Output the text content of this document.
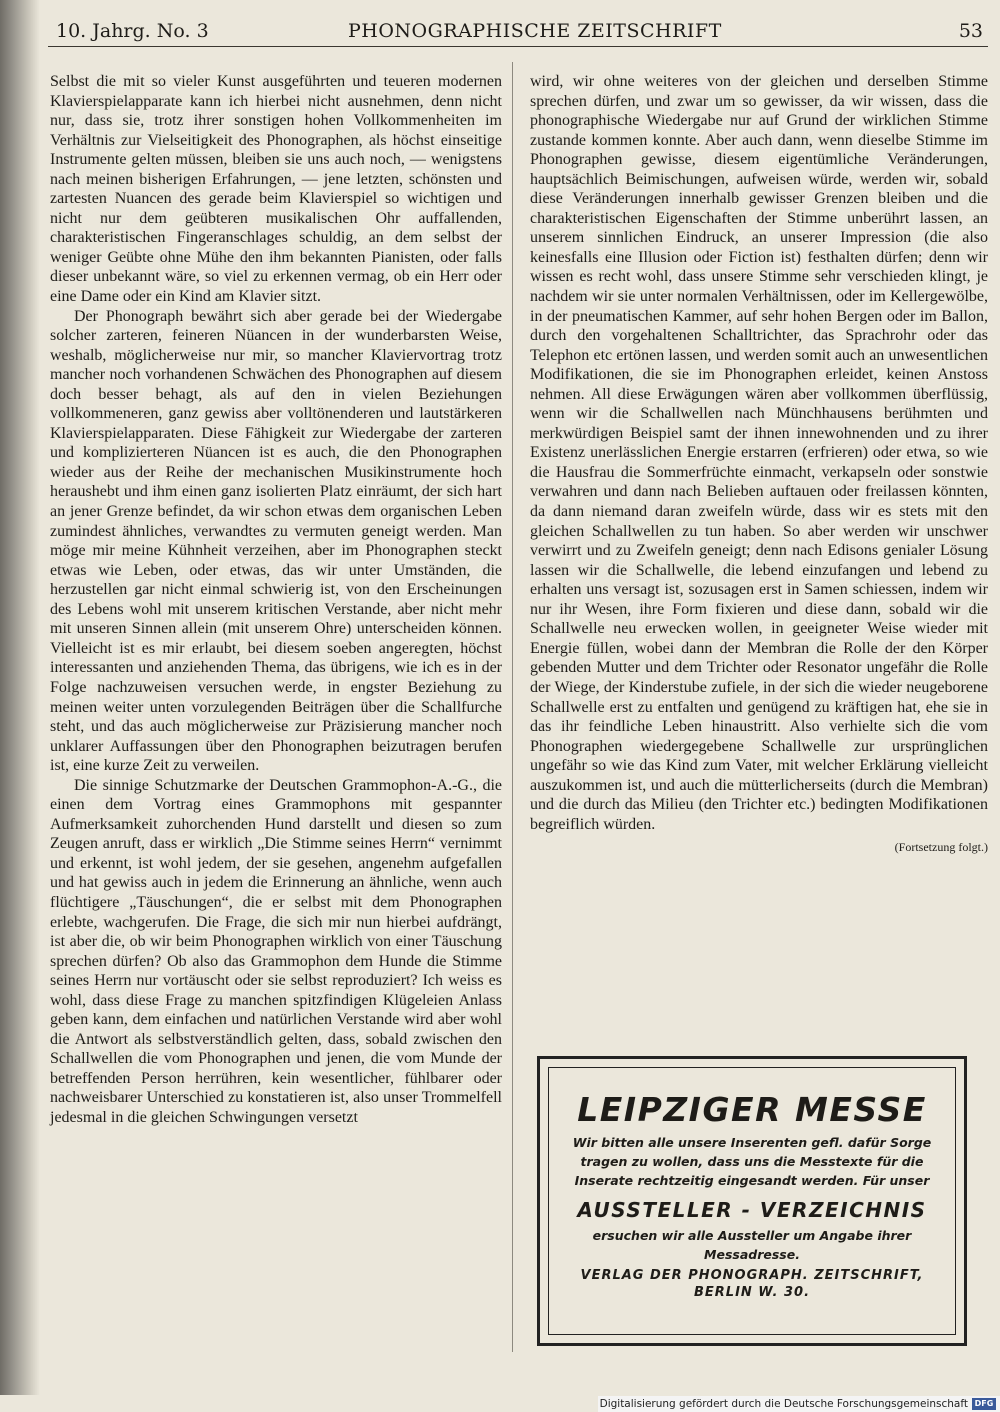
10. Jahrg. No. 3	PHONOGRAPHISCHE ZEITSCHRIFT	53

Selbst die mit so vieler Kunst ausgeführten und teueren modernen Klavierspielapparate kann ich hierbei nicht ausnehmen, denn nicht nur, dass sie, trotz ihrer sonstigen hohen Vollkommenheiten im Verhältnis zur Vielseitigkeit des Phonographen, als höchst einseitige Instrumente gelten müssen, bleiben sie uns auch noch, — wenigstens nach meinen bisherigen Erfahrungen, — jene letzten, schönsten und zartesten Nuancen des gerade beim Klavierspiel so wichtigen und nicht nur dem geübteren musikalischen Ohr auffallenden, charakteristischen Fingeranschlages schuldig, an dem selbst der weniger Geübte ohne Mühe den ihm bekannten Pianisten, oder falls dieser unbekannt wäre, so viel zu erkennen vermag, ob ein Herr oder eine Dame oder ein Kind am Klavier sitzt.

Der Phonograph bewährt sich aber gerade bei der Wiedergabe solcher zarteren, feineren Nüancen in der wunderbarsten Weise, weshalb, möglicherweise nur mir, so mancher Klaviervortrag trotz mancher noch vorhandenen Schwächen des Phonographen auf diesem doch besser behagt, als auf den in vielen Beziehungen vollkommeneren, ganz gewiss aber volltönenderen und lautstärkeren Klavierspielapparaten. Diese Fähigkeit zur Wiedergabe der zarteren und komplizierteren Nüancen ist es auch, die den Phonographen wieder aus der Reihe der mechanischen Musikinstrumente hoch heraushebt und ihm einen ganz isolierten Platz einräumt, der sich hart an jener Grenze befindet, da wir schon etwas dem organischen Leben zumindest ähnliches, verwandtes zu vermuten geneigt werden. Man möge mir meine Kühnheit verzeihen, aber im Phonographen steckt etwas wie Leben, oder etwas, das wir unter Umständen, die herzustellen gar nicht einmal schwierig ist, von den Erscheinungen des Lebens wohl mit unserem kritischen Verstande, aber nicht mehr mit unseren Sinnen allein (mit unserem Ohre) unterscheiden können. Vielleicht ist es mir erlaubt, bei diesem soeben angeregten, höchst interessanten und anziehenden Thema, das übrigens, wie ich es in der Folge nachzuweisen versuchen werde, in engster Beziehung zu meinen weiter unten vorzulegenden Beiträgen über die Schallfurche steht, und das auch möglicherweise zur Präzisierung mancher noch unklarer Auffassungen über den Phonographen beizutragen berufen ist, eine kurze Zeit zu verweilen.

Die sinnige Schutzmarke der Deutschen Grammophon-A.-G., die einen dem Vortrag eines Grammophons mit gespannter Aufmerksamkeit zuhorchenden Hund darstellt und diesen so zum Zeugen anruft, dass er wirklich „Die Stimme seines Herrn“ vernimmt und erkennt, ist wohl jedem, der sie gesehen, angenehm aufgefallen und hat gewiss auch in jedem die Erinnerung an ähnliche, wenn auch flüchtigere „Täuschungen“, die er selbst mit dem Phonographen erlebte, wachgerufen. Die Frage, die sich mir nun hierbei aufdrängt, ist aber die, ob wir beim Phonographen wirklich von einer Täuschung sprechen dürfen? Ob also das Grammophon dem Hunde die Stimme seines Herrn nur vortäuscht oder sie selbst reproduziert? Ich weiss es wohl, dass diese Frage zu manchen spitzfindigen Klügeleien Anlass geben kann, dem einfachen und natürlichen Verstande wird aber wohl die Antwort als selbstverständlich gelten, dass, sobald zwischen den Schallwellen die vom Phonographen und jenen, die vom Munde der betreffenden Person herrühren, kein wesentlicher, fühlbarer oder nachweisbarer Unterschied zu konstatieren ist, also unser Trommelfell jedesmal in die gleichen Schwingungen versetzt

wird, wir ohne weiteres von der gleichen und derselben Stimme sprechen dürfen, und zwar um so gewisser, da wir wissen, dass die phonographische Wiedergabe nur auf Grund der wirklichen Stimme zustande kommen konnte. Aber auch dann, wenn dieselbe Stimme im Phonographen gewisse, diesem eigentümliche Veränderungen, hauptsächlich Beimischungen, aufweisen würde, werden wir, sobald diese Veränderungen innerhalb gewisser Grenzen bleiben und die charakteristischen Eigenschaften der Stimme unberührt lassen, an unserem sinnlichen Eindruck, an unserer Impression (die also keinesfalls eine Illusion oder Fiction ist) festhalten dürfen; denn wir wissen es recht wohl, dass unsere Stimme sehr verschieden klingt, je nachdem wir sie unter normalen Verhältnissen, oder im Kellergewölbe, in der pneumatischen Kammer, auf sehr hohen Bergen oder im Ballon, durch den vorgehaltenen Schalltrichter, das Sprachrohr oder das Telephon etc ertönen lassen, und werden somit auch an unwesentlichen Modifikationen, die sie im Phonographen erleidet, keinen Anstoss nehmen. All diese Erwägungen wären aber vollkommen überflüssig, wenn wir die Schallwellen nach Münchhausens berühmten und merkwürdigen Beispiel samt der ihnen innewohnenden und zu ihrer Existenz unerlässlichen Energie erstarren (erfrieren) oder etwa, so wie die Hausfrau die Sommerfrüchte einmacht, verkapseln oder sonstwie verwahren und dann nach Belieben auftauen oder freilassen könnten, da dann niemand daran zweifeln würde, dass wir es stets mit den gleichen Schallwellen zu tun haben. So aber werden wir unschwer verwirrt und zu Zweifeln geneigt; denn nach Edisons genialer Lösung lassen wir die Schallwelle, die lebend einzufangen und lebend zu erhalten uns versagt ist, sozusagen erst in Samen schiessen, indem wir nur ihr Wesen, ihre Form fixieren und diese dann, sobald wir die Schallwelle neu erwecken wollen, in geeigneter Weise wieder mit Energie füllen, wobei dann der Membran die Rolle der den Körper gebenden Mutter und dem Trichter oder Resonator ungefähr die Rolle der Wiege, der Kinderstube zufiele, in der sich die wieder neugeborene Schallwelle erst zu entfalten und genügend zu kräftigen hat, ehe sie in das ihr feindliche Leben hinaustritt. Also verhielte sich die vom Phonographen wiedergegebene Schallwelle zur ursprünglichen ungefähr so wie das Kind zum Vater, mit welcher Erklärung vielleicht auszukommen ist, und auch die mütterlicherseits (durch die Membran) und die durch das Milieu (den Trichter etc.) bedingten Modifikationen begreiflich würden.

(Fortsetzung folgt.)

LEIPZIGER MESSE
Wir bitten alle unsere Inserenten gefl. dafür Sorge tragen zu wollen, dass uns die Messtexte für die Inserate rechtzeitig eingesandt werden. Für unser
AUSSTELLER - VERZEICHNIS
ersuchen wir alle Aussteller um Angabe ihrer Messadresse.
VERLAG DER PHONOGRAPH. ZEITSCHRIFT,
BERLIN W. 30.
Digitalisierung gefördert durch die Deutsche Forschungsgemeinschaft DFG
